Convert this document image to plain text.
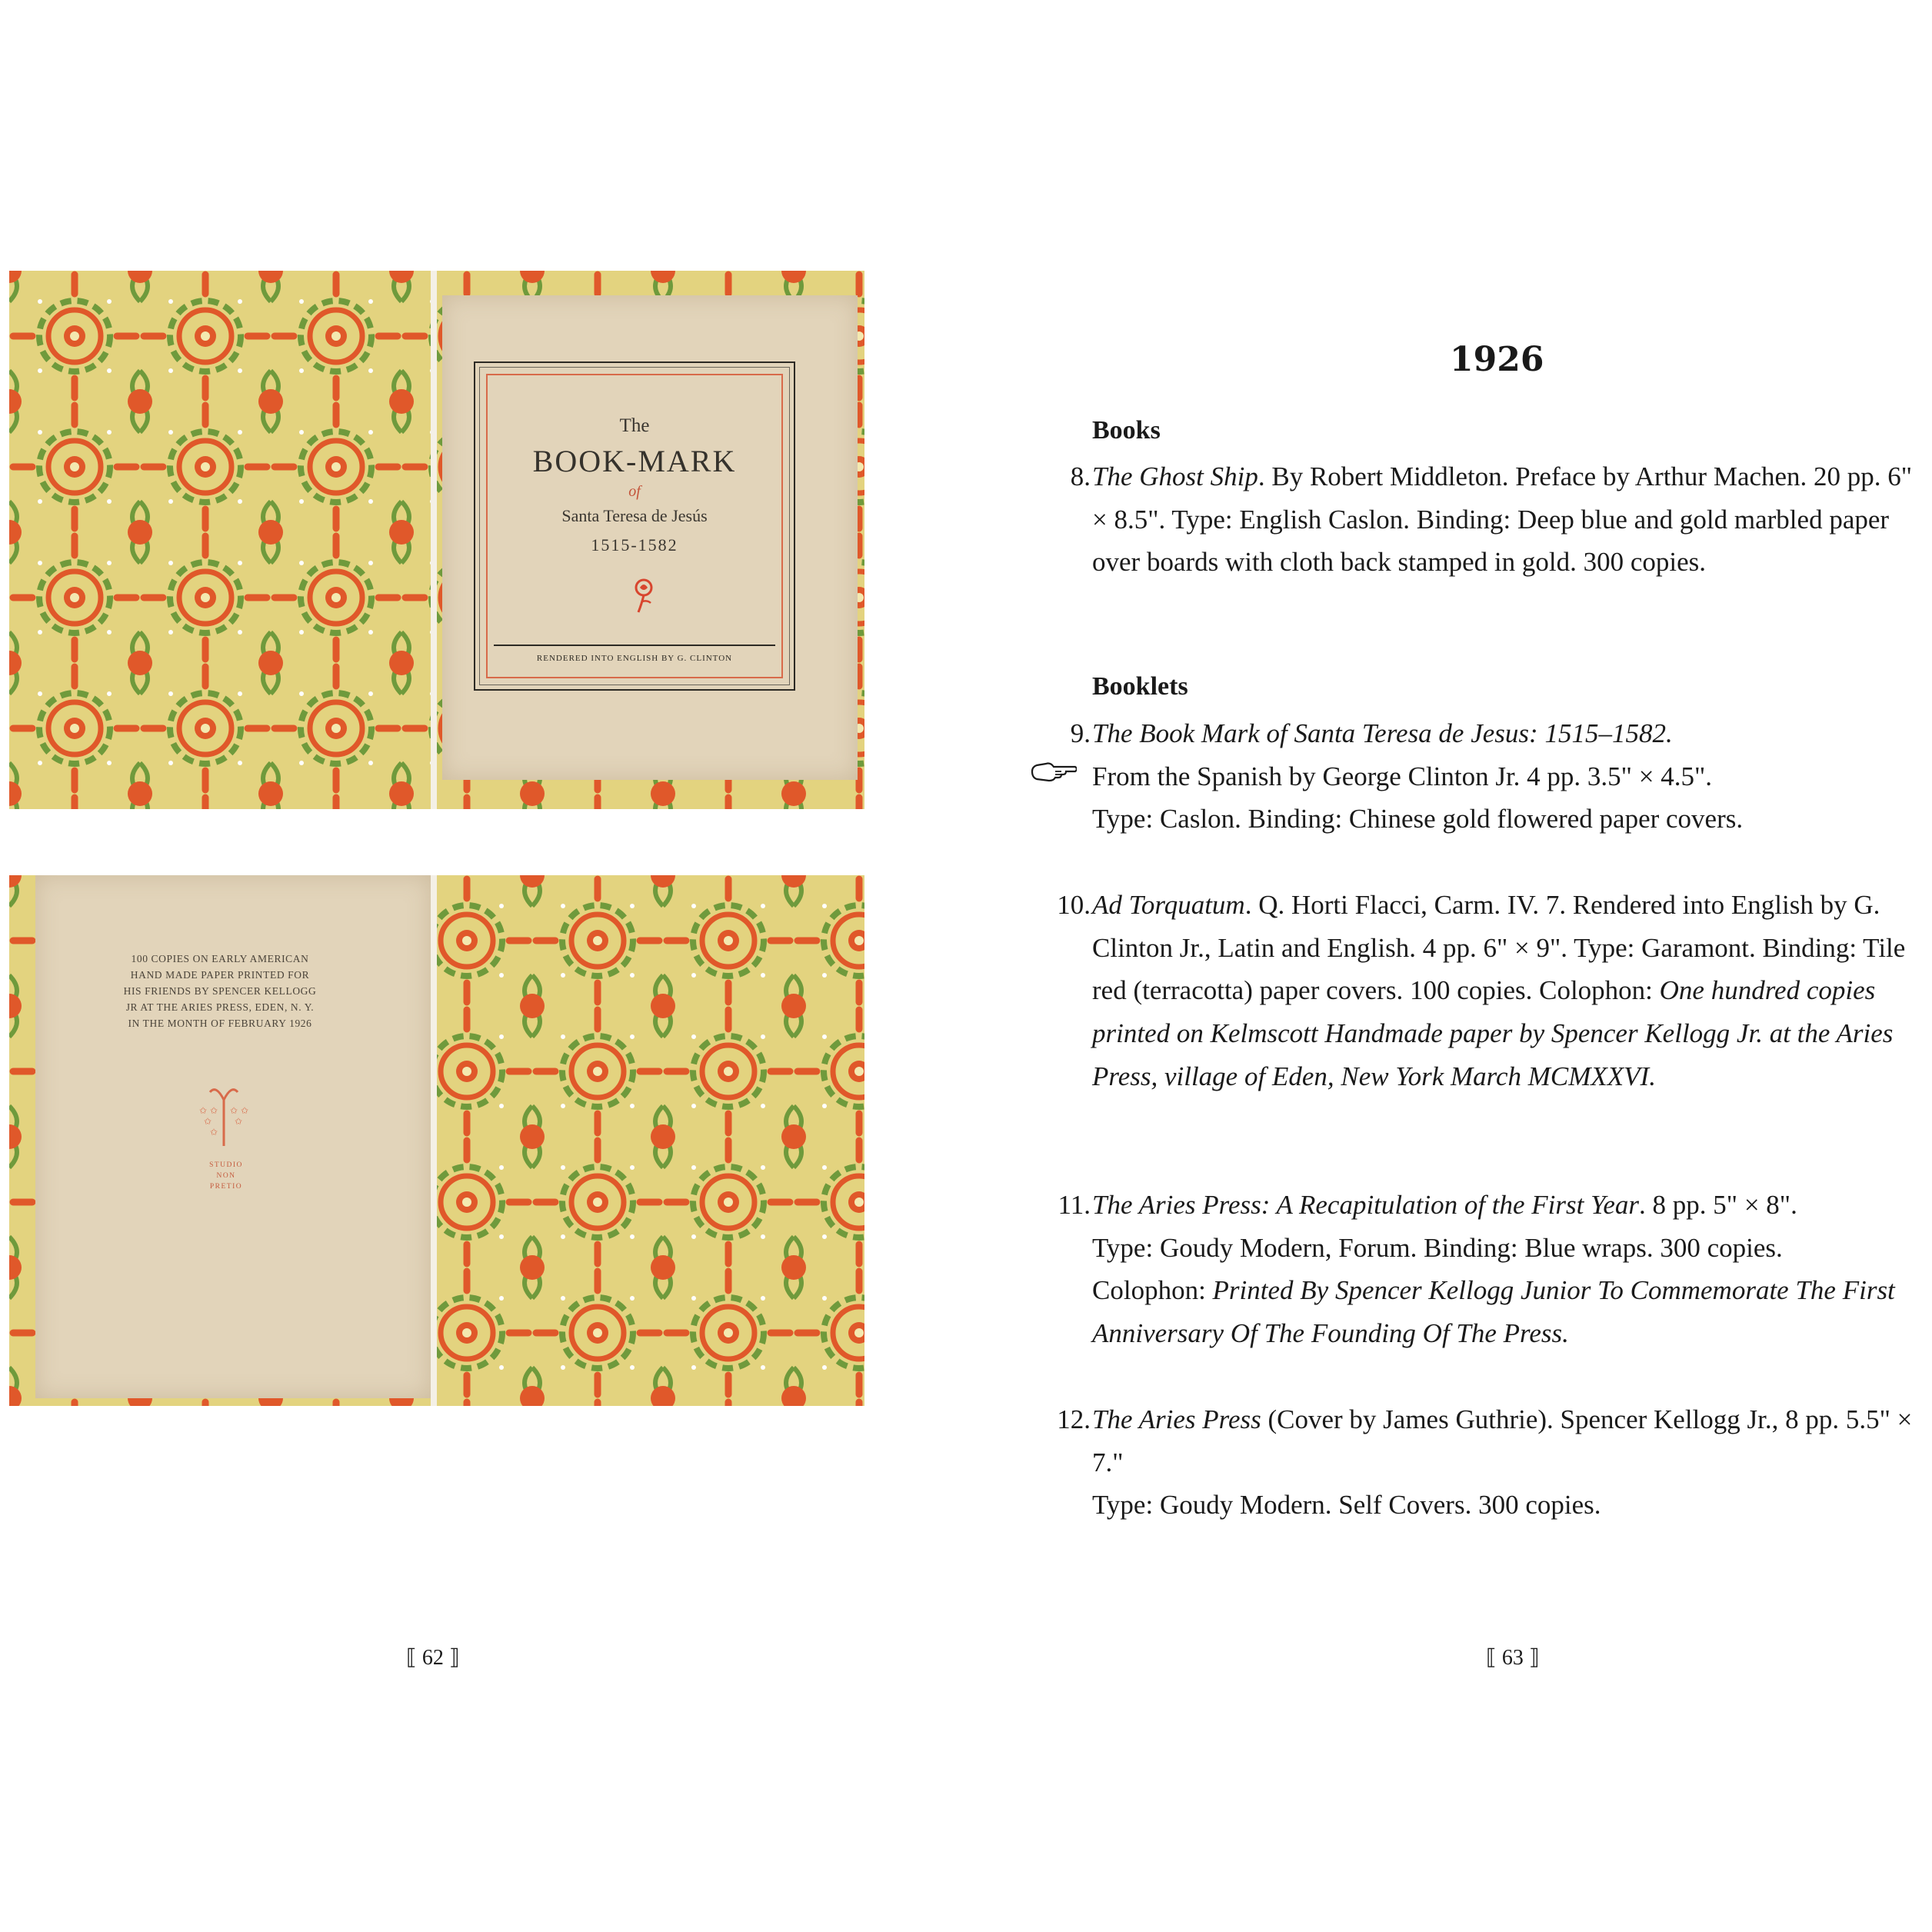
The
BOOK-MARK
of
Santa Teresa de Jesús
1515-1582
RENDERED INTO ENGLISH BY G. CLINTON
100 COPIES ON EARLY AMERICAN
HAND MADE PAPER PRINTED FOR
HIS FRIENDS BY SPENCER KELLOGG
JR AT THE ARIES PRESS, EDEN, N. Y.
IN THE MONTH OF FEBRUARY 1926
✩ ✩ ✩ ✩
✩ ✩
✩
STUDIO
NON
PRETIO
⟦ 62 ⟧
1926
Books
8. The Ghost Ship. By Robert Middleton. Preface by Arthur Machen. 20 pp. 6" × 8.5". Type: English Caslon. Binding: Deep blue and gold marbled paper over boards with cloth back stamped in gold. 300 copies.
Booklets
9. The Book Mark of Santa Teresa de Jesus: 1515–1582.
From the Spanish by George Clinton Jr. 4 pp. 3.5" × 4.5".
Type: Caslon. Binding: Chinese gold flowered paper covers.
10. Ad Torquatum. Q. Horti Flacci, Carm. IV. 7. Rendered into English by G. Clinton Jr., Latin and English. 4 pp. 6" × 9". Type: Garamont. Binding: Tile red (terracotta) paper covers. 100 copies. Colophon: One hundred copies printed on Kelmscott Handmade paper by Spencer Kellogg Jr. at the Aries Press, village of Eden, New York March MCMXXVI.
11. The Aries Press: A Recapitulation of the First Year. 8 pp. 5" × 8".
Type: Goudy Modern, Forum. Binding: Blue wraps. 300 copies.
Colophon: Printed By Spencer Kellogg Junior To Commemorate The First Anniversary Of The Founding Of The Press.
12. The Aries Press (Cover by James Guthrie). Spencer Kellogg Jr., 8 pp. 5.5" × 7."
Type: Goudy Modern. Self Covers. 300 copies.
⟦ 63 ⟧
